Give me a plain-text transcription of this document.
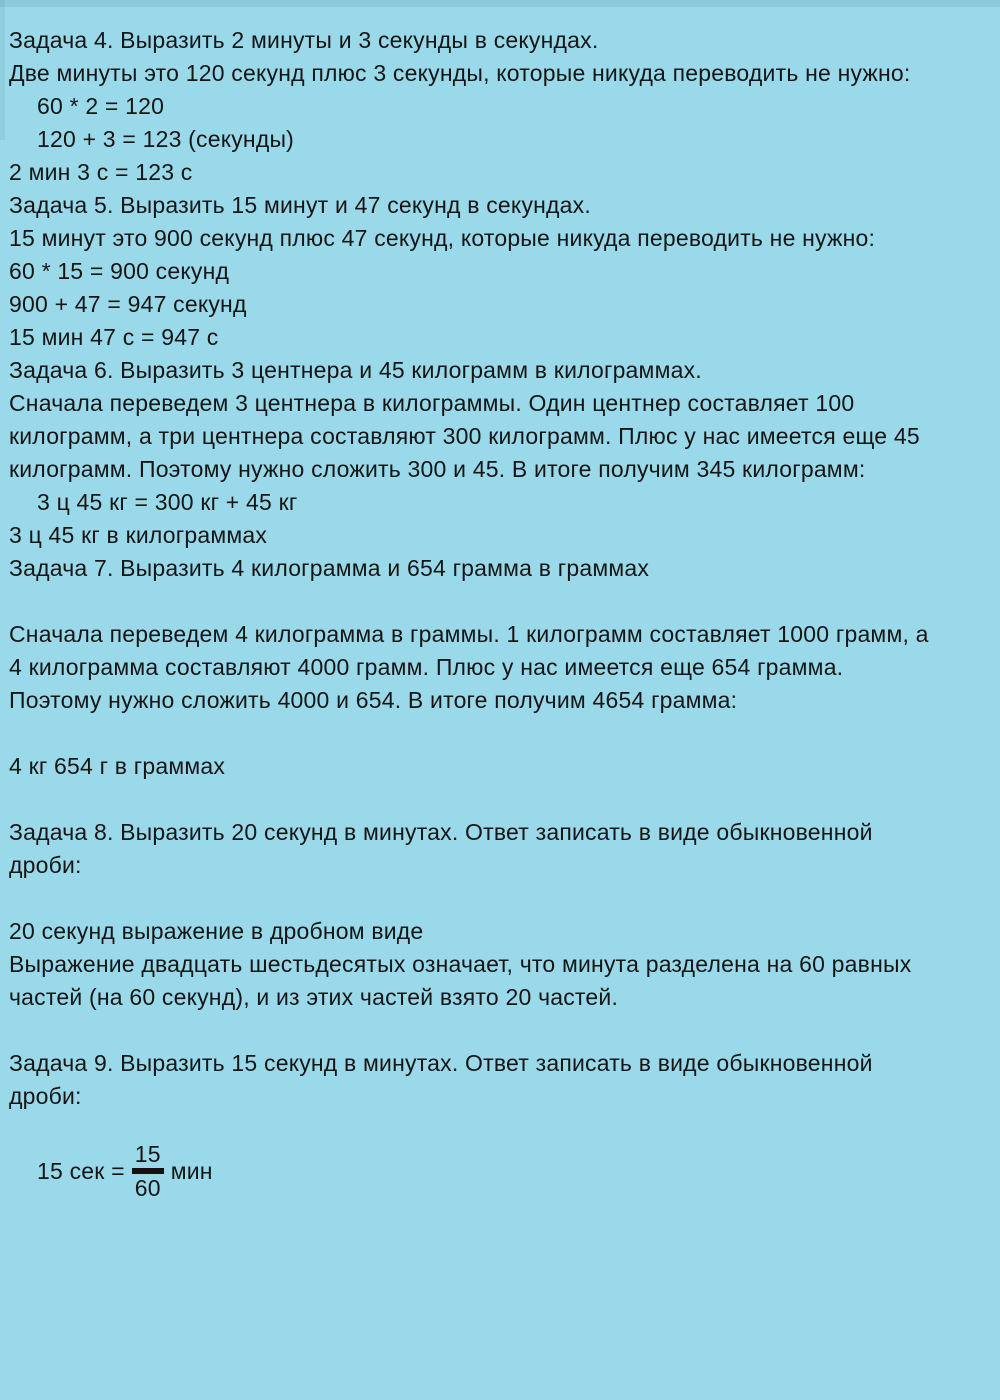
Задача 4. Выразить 2 минуты и 3 секунды в секундах.
Две минуты это 120 секунд плюс 3 секунды, которые никуда переводить не нужно:
60 * 2 = 120
120 + 3 = 123 (секунды)
2 мин 3 с = 123 с
Задача 5. Выразить 15 минут и 47 секунд в секундах.
15 минут это 900 секунд плюс 47 секунд, которые никуда переводить не нужно:
60 * 15 = 900 секунд
900 + 47 = 947 секунд
15 мин 47 с = 947 с
Задача 6. Выразить 3 центнера и 45 килограмм в килограммах.
Сначала переведем 3 центнера в килограммы. Один центнер составляет 100
килограмм, а три центнера составляют 300 килограмм. Плюс у нас имеется еще 45
килограмм. Поэтому нужно сложить 300 и 45. В итоге получим 345 килограмм:
3 ц 45 кг = 300 кг + 45 кг
3 ц 45 кг в килограммах
Задача 7. Выразить 4 килограмма и 654 грамма в граммах
Сначала переведем 4 килограмма в граммы. 1 килограмм составляет 1000 грамм, а
4 килограмма составляют 4000 грамм. Плюс у нас имеется еще 654 грамма.
Поэтому нужно сложить 4000 и 654. В итоге получим 4654 грамма:
4 кг 654 г в граммах
Задача 8. Выразить 20 секунд в минутах. Ответ записать в виде обыкновенной
дроби:
20 секунд выражение в дробном виде
Выражение двадцать шестьдесятых означает, что минута разделена на 60 равных
частей (на 60 секунд), и из этих частей взято 20 частей.
Задача 9. Выразить 15 секунд в минутах. Ответ записать в виде обыкновенной
дроби:
15 сек = $\frac{15}{60}$ мин
